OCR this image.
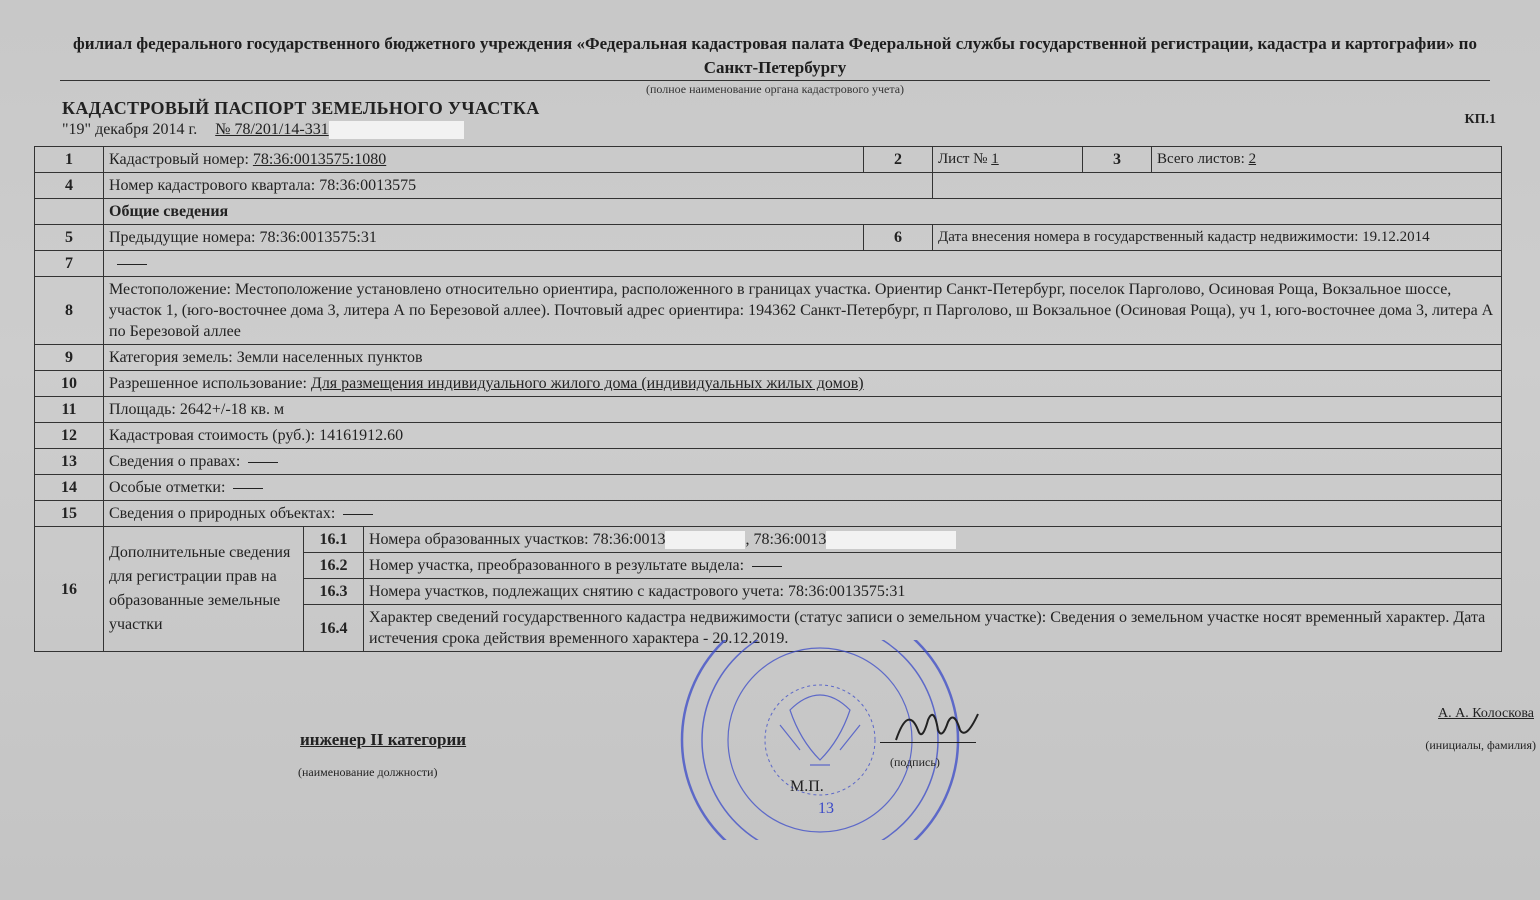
филиал федерального государственного бюджетного учреждения «Федеральная кадастровая палата Федеральной службы государственной регистрации, кадастра и картографии» по Санкт-Петербургу
(полное наименование органа кадастрового учета)
КАДАСТРОВЫЙ ПАСПОРТ ЗЕМЕЛЬНОГО УЧАСТКА
"19" декабря 2014 г. № 78/201/14-331
КП.1
1	Кадастровый номер: 78:36:0013575:1080			2	Лист № 1	3	Всего листов: 2
4	Номер кадастрового квартала: 78:36:0013575						
	Общие сведения						
5	Предыдущие номера: 78:36:0013575:31			6	Дата внесения номера в государственный кадастр недвижимости: 19.12.2014		
7							
8	Местоположение: Местоположение установлено относительно ориентира, расположенного в границах участка. Ориентир Санкт-Петербург, поселок Парголово, Осиновая Роща, Вокзальное шоссе, участок 1, (юго-восточнее дома 3, литера А по Березовой аллее). Почтовый адрес ориентира: 194362 Санкт-Петербург, п Парголово, ш Вокзальное (Осиновая Роща), уч 1, юго-восточнее дома 3, литера А по Березовой аллее						
9	Категория земель: Земли населенных пунктов						
10	Разрешенное использование: Для размещения индивидуального жилого дома (индивидуальных жилых домов)						
11	Площадь: 2642+/-18 кв. м						
12	Кадастровая стоимость (руб.): 14161912.60						
13	Сведения о правах:						
14	Особые отметки:						
15	Сведения о природных объектах:						
16	Дополнительные сведения для регистрации прав на образованные земельные участки	16.1	Номера образованных участков: 78:36:0013 , 78:36:0013				
		16.2	Номер участка, преобразованного в результате выдела:				
		16.3	Номера участков, подлежащих снятию с кадастрового учета: 78:36:0013575:31				
		16.4	Характер сведений государственного кадастра недвижимости (статус записи о земельном участке): Сведения о земельном участке носят временный характер. Дата истечения срока действия временного характера - 20.12.2019.				
13
инженер II категории
(наименование должности)
(подпись)
М.П.
А. А. Колоскова
(инициалы, фамилия)
